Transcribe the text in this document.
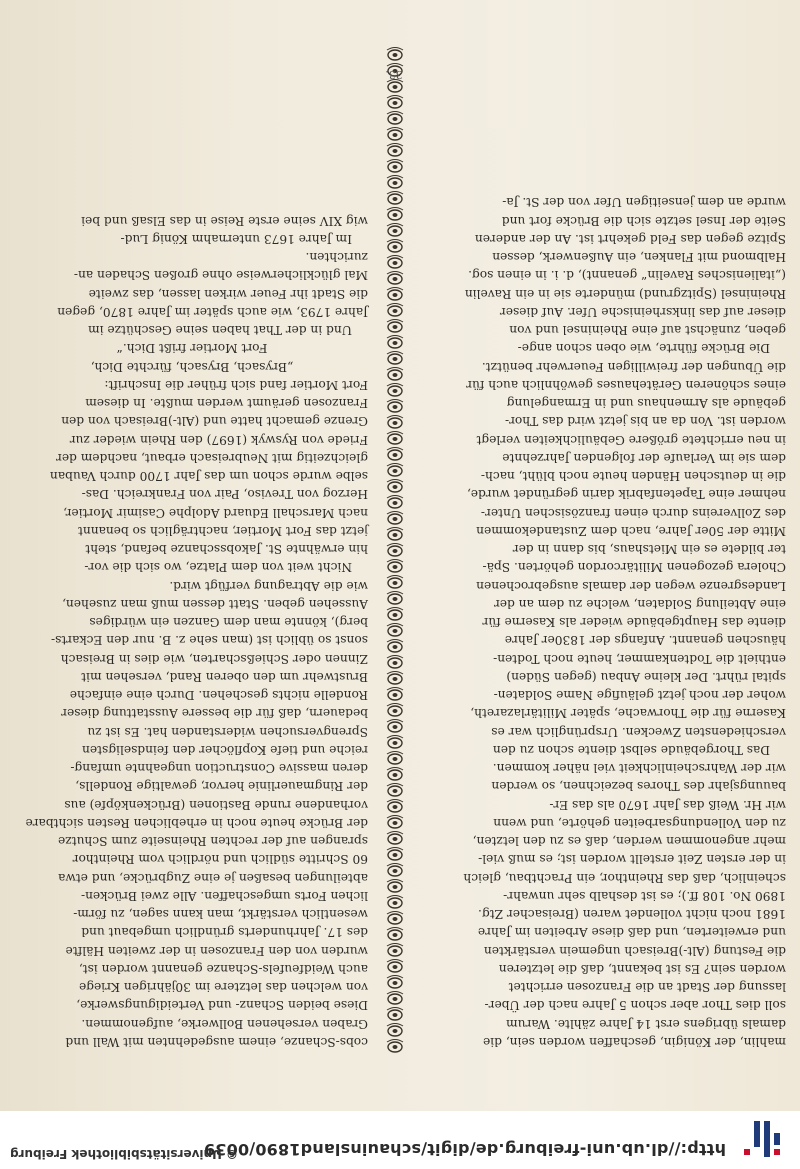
http://dl.ub.uni-freiburg.de/digit/schauinsland1890/0039
© Universitätsbibliothek Freiburg

mahlin, der Königin, geschaffen worden sein, die

damals übrigens erst 14 Jahre zählte. Warum

soll dies Thor aber schon 5 Jahre nach der Über-

lassung der Stadt an die Franzosen errichtet

worden sein? Es ist bekannt, daß die letzteren

die Festung (Alt-)Breisach ungemein verstärkten

und erweiterten, und daß diese Arbeiten im Jahre

1681 noch nicht vollendet waren (Breisacher Ztg.

1890 No. 108 ff.); es ist deshalb sehr unwahr-

scheinlich, daß das Rheinthor, ein Prachtbau, gleich

in der ersten Zeit erstellt worden ist; es muß viel-

mehr angenommen werden, daß es zu den letzten,

zu den Vollendungsarbeiten gehörte, und wenn

wir Hr. Weiß das Jahr 1670 als das Er-

bauungsjahr des Thores bezeichnen, so werden

wir der Wahrscheinlichkeit viel näher kommen.

Das Thorgebäude selbst diente schon zu den

verschiedensten Zwecken. Ursprünglich war es

Kaserne für die Thorwache, später Militärlazareth,

woher der noch jetzt geläufige Name Soldaten-

spital rührt. Der kleine Anbau (gegen Süden)

enthielt die Todtenkammer, heute noch Todten-

häuschen genannt. Anfangs der 1830er Jahre

diente das Hauptgebäude wieder als Kaserne für

eine Abteilung Soldaten, welche zu dem an der

Landesgrenze wegen der damals ausgebrochenen

Cholera gezogenen Militärcordon gehörten. Spä-

ter bildete es ein Mietshaus, bis dann in der

Mitte der 50er Jahre, nach dem Zustandekommen

des Zollvereins durch einen französischen Unter-

nehmer eine Tapetenfabrik darin gegründet wurde,

die in deutschen Händen heute noch blüht, nach-

dem sie im Verlaufe der folgenden Jahrzehnte

in neu errichtete größere Gebäulichkeiten verlegt

worden ist. Von da an bis jetzt wird das Thor-

gebäude als Armenhaus und in Ermangelung

eines schöneren Gerätehauses gewöhnlich auch für

die Übungen der freiwilligen Feuerwehr benützt.

Die Brücke führte, wie oben schon ange-

geben, zunächst auf eine Rheininsel und von

dieser auf das linksrheinische Ufer. Auf dieser

Rheininsel (Spitzgrund) münderte sie in ein Ravelin

(„italienisches Ravelin“ genannt), d. i. in einen sog.

Halbmond mit Flanken, ein Außenwerk, dessen

Spitze gegen das Feld gekehrt ist. An der anderen

Seite der Insel setzte sich die Brücke fort und

wurde an dem jenseitigen Ufer von der St. Ja-

cobs-Schanze, einem ausgedehnten mit Wall und

Graben versehenen Bollwerke, aufgenommen.

Diese beiden Schanz- und Verteidigungswerke,

von welchen das letztere im 30jährigen Kriege

auch Weidfeufels-Schanze genannt worden ist,

wurden von den Franzosen in der zweiten Hälfte

des 17. Jahrhunderts gründlich umgebaut und

wesentlich verstärkt, man kann sagen, zu förm-

lichen Forts umgeschaffen. Alle zwei Brücken-

abteilungen besaßen je eine Zugbrücke, und etwa

60 Schritte südlich und nördlich vom Rheinthor

sprangen auf der rechten Rheinseite zum Schutze

der Brücke heute noch in erheblichen Resten sichtbare

vorhandene runde Bastionen (Brückenköpfe) aus

der Ringmauerlinie hervor, gewaltige Rondells,

deren massive Construction ungeahnte umfang-

reiche und tiefe Kopflöcher den feindseligsten

Sprengversuchen widerstanden hat. Es ist zu

bedauern, daß für die bessere Ausstattung dieser

Rondelle nichts geschehen. Durch eine einfache

Brustwehr um den oberen Rand, versehen mit

Zinnen oder Schießscharten, wie dies in Breisach

sonst so üblich ist (man sehe z. B. nur den Eckarts-

berg), könnte man dem Ganzen ein würdiges

Aussehen geben. Statt dessen muß man zusehen,

wie die Abtragung verfügt wird.

Nicht weit von dem Platze, wo sich die vor-

hin erwähnte St. Jakobsschanze befand, steht

jetzt das Fort Mortier, nachträglich so benannt

nach Marschall Eduard Adolphe Casimir Mortier,

Herzog von Treviso, Pair von Frankreich. Das-

selbe wurde schon um das Jahr 1700 durch Vauban

gleichzeitig mit Neubreisach erbaut, nachdem der

Friede von Ryswyk (1697) den Rhein wieder zur

Grenze gemacht hatte und (Alt-)Breisach von den

Franzosen geräumt werden mußte. In diesem

Fort Mortier fand sich früher die Inschrift:

„Brysach, Brysach, fürchte Dich,

Fort Mortier frißt Dich.“

Und in der That haben seine Geschütze im

Jahre 1793, wie auch später im Jahre 1870, gegen

die Stadt ihr Feuer wirken lassen, das zweite

Mal glücklicherweise ohne großen Schaden an-

zurichten.

Im Jahre 1673 unternahm König Lud-

wig XIV seine erste Reise in das Elsaß und bei

33.
